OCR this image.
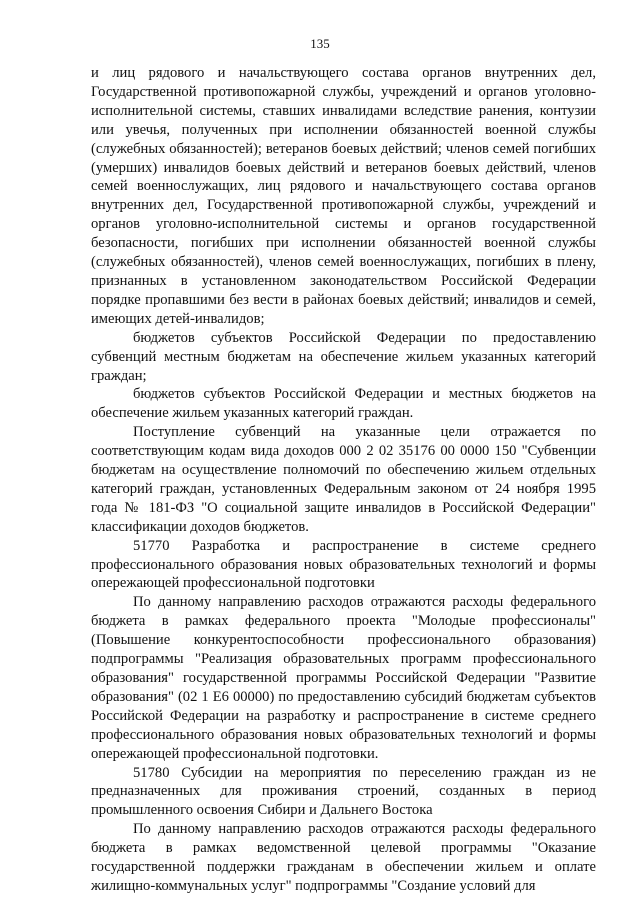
135

и лиц рядового и начальствующего состава органов внутренних дел, Государственной противопожарной службы, учреждений и органов уголовно-исполнительной системы, ставших инвалидами вследствие ранения, контузии или увечья, полученных при исполнении обязанностей военной службы (служебных обязанностей); ветеранов боевых действий; членов семей погибших (умерших) инвалидов боевых действий и ветеранов боевых действий, членов семей военнослужащих, лиц рядового и начальствующего состава органов внутренних дел, Государственной противопожарной службы, учреждений и органов уголовно-исполнительной системы и органов государственной безопасности, погибших при исполнении обязанностей военной службы (служебных обязанностей), членов семей военнослужащих, погибших в плену, признанных в установленном законодательством Российской Федерации порядке пропавшими без вести в районах боевых действий; инвалидов и семей, имеющих детей-инвалидов;

бюджетов субъектов Российской Федерации по предоставлению субвенций местным бюджетам на обеспечение жильем указанных категорий граждан;

бюджетов субъектов Российской Федерации и местных бюджетов на обеспечение жильем указанных категорий граждан.

Поступление субвенций на указанные цели отражается по соответствующим кодам вида доходов 000 2 02 35176 00 0000 150 "Субвенции бюджетам на осуществление полномочий по обеспечению жильем отдельных категорий граждан, установленных Федеральным законом от 24 ноября 1995 года № 181-ФЗ "О социальной защите инвалидов в Российской Федерации" классификации доходов бюджетов.

51770 Разработка и распространение в системе среднего профессионального образования новых образовательных технологий и формы опережающей профессиональной подготовки

По данному направлению расходов отражаются расходы федерального бюджета в рамках федерального проекта "Молодые профессионалы" (Повышение конкурентоспособности профессионального образования) подпрограммы "Реализация образовательных программ профессионального образования" государственной программы Российской Федерации "Развитие образования" (02 1 Е6 00000) по предоставлению субсидий бюджетам субъектов Российской Федерации на разработку и распространение в системе среднего профессионального образования новых образовательных технологий и формы опережающей профессиональной подготовки.

51780 Субсидии на мероприятия по переселению граждан из не предназначенных для проживания строений, созданных в период промышленного освоения Сибири и Дальнего Востока

По данному направлению расходов отражаются расходы федерального бюджета в рамках ведомственной целевой программы "Оказание государственной поддержки гражданам в обеспечении жильем и оплате жилищно-коммунальных услуг" подпрограммы "Создание условий для
